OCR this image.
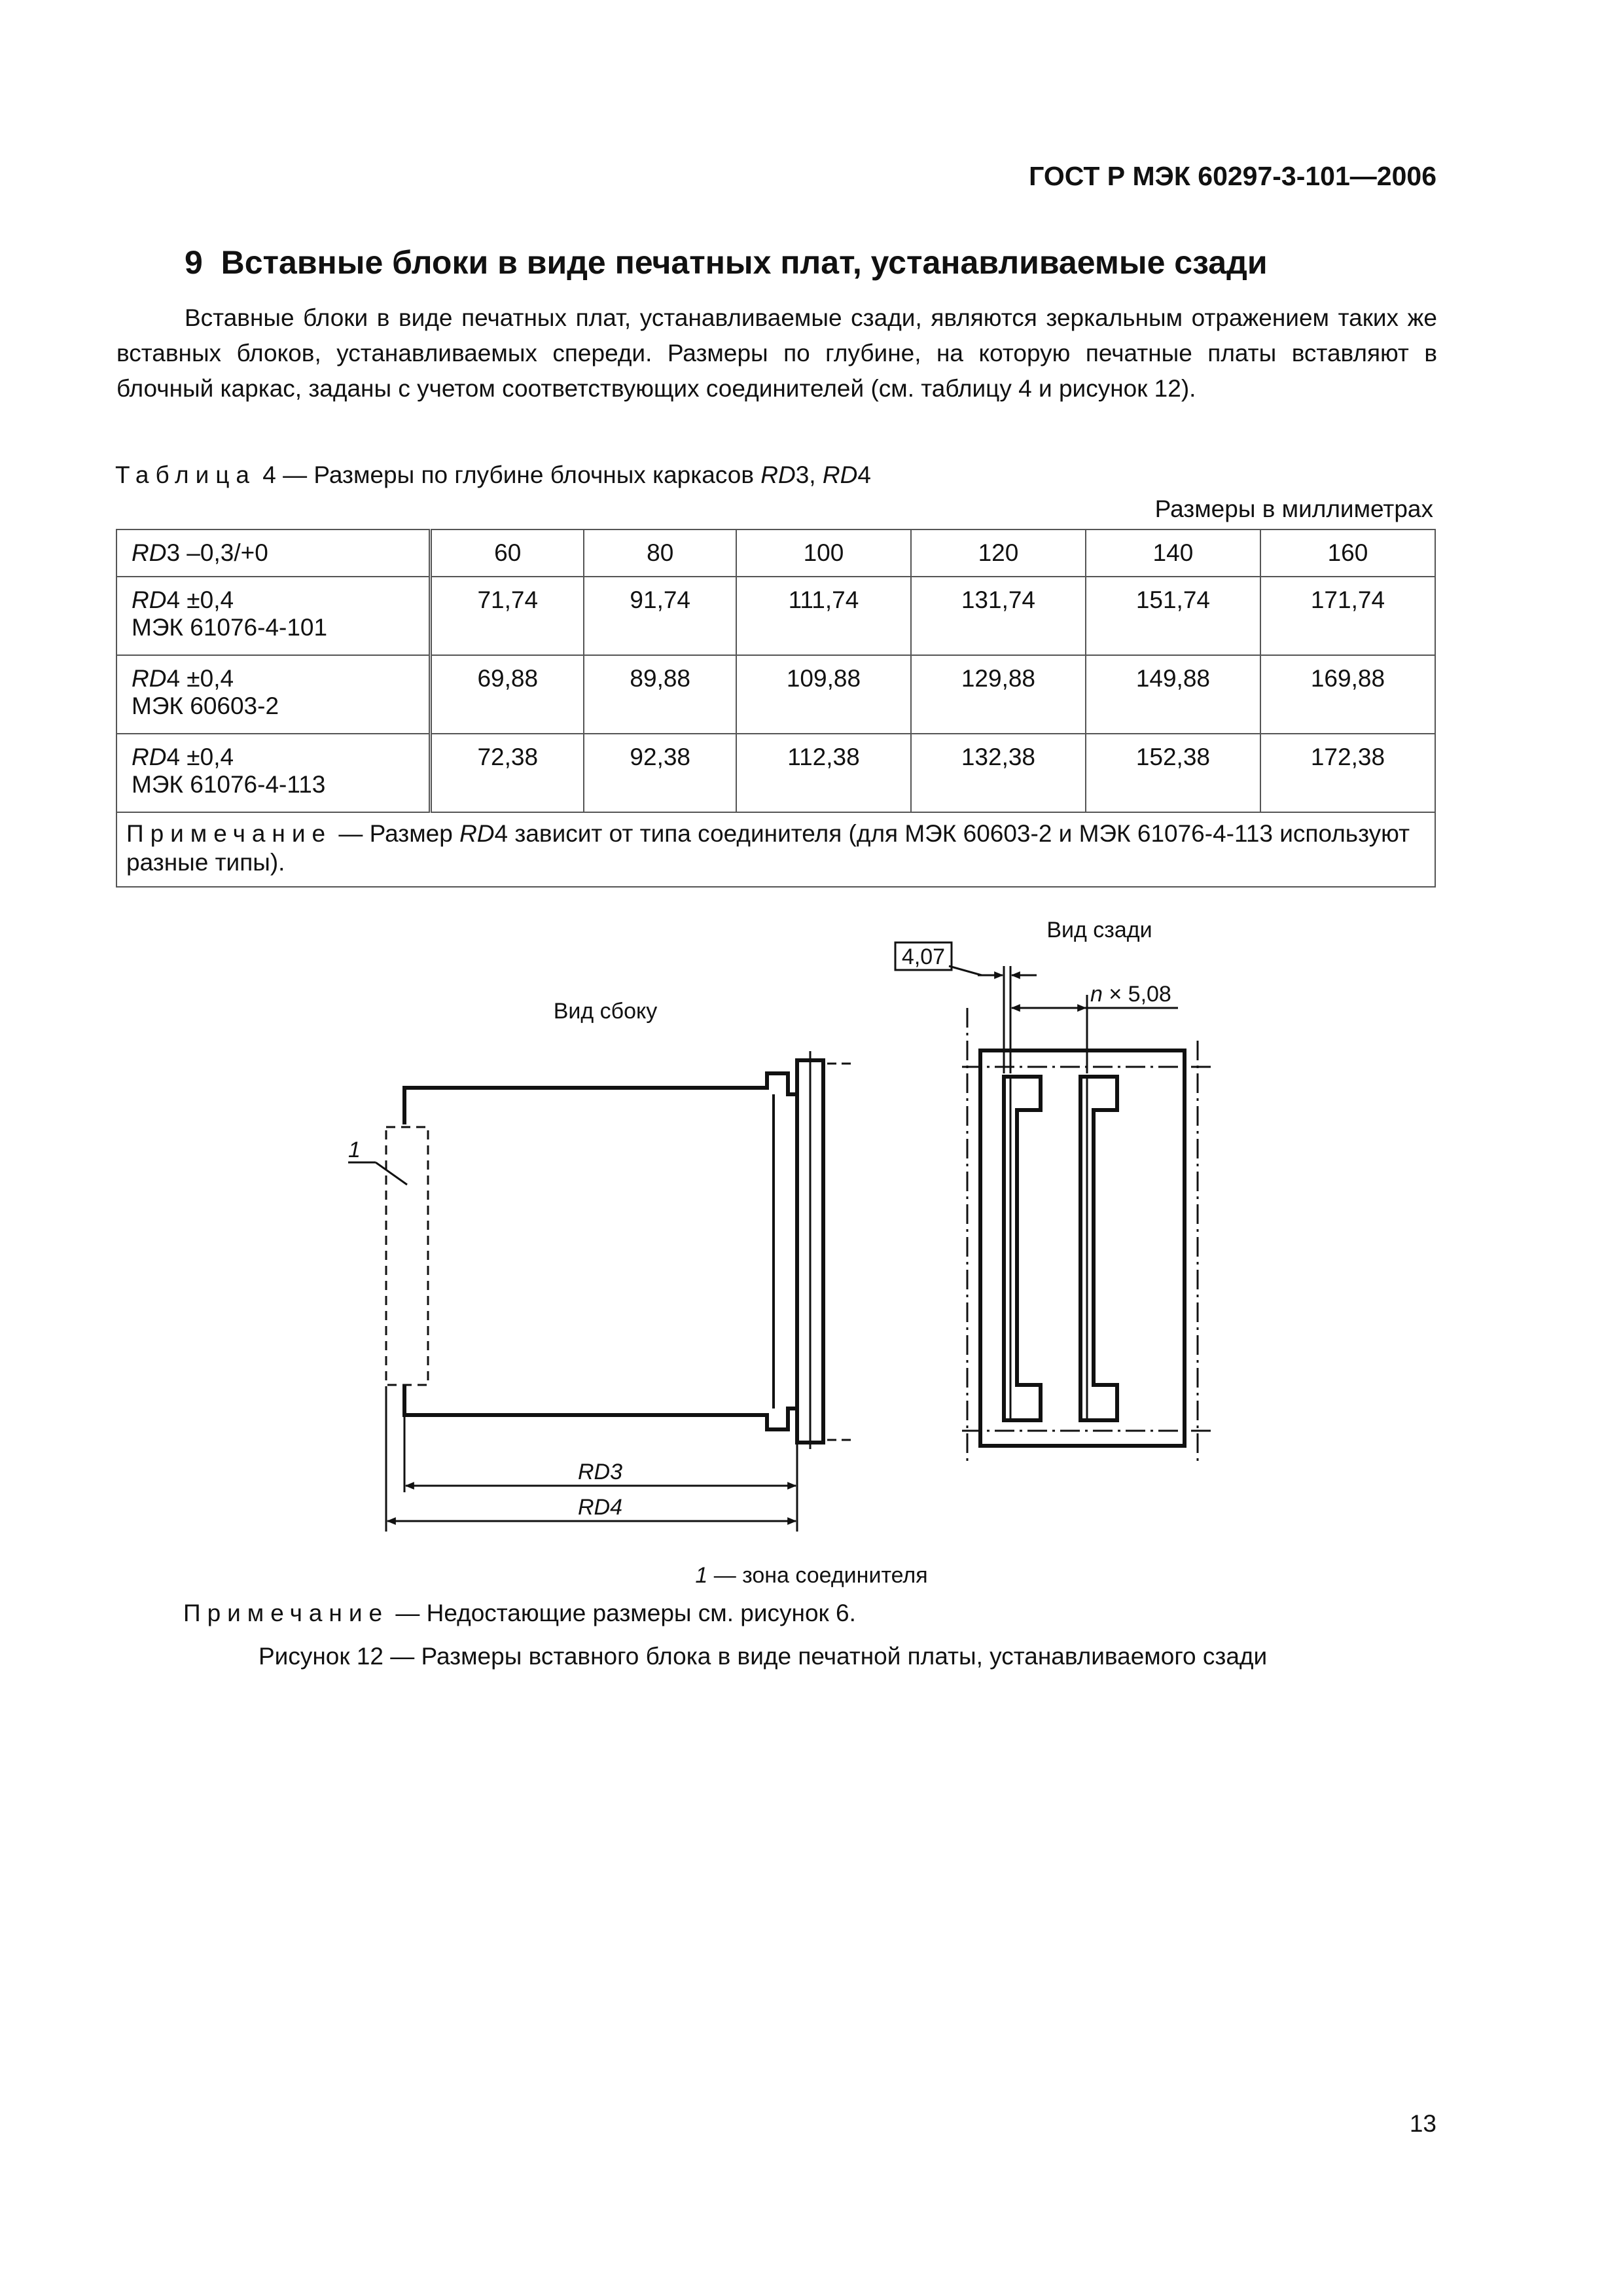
ГОСТ Р МЭК 60297-3-101—2006
9 Вставные блоки в виде печатных плат, устанавливаемые сзади
Вставные блоки в виде печатных плат, устанавливаемые сзади, являются зеркальным отражением таких же вставных блоков, устанавливаемых спереди. Размеры по глубине, на которую печатные платы вставляют в блочный каркас, заданы с учетом соответствующих соединителей (см. таблицу 4 и рисунок 12).
Таблица 4 — Размеры по глубине блочных каркасов RD3, RD4
Размеры в миллиметрах
RD3 –0,3/+0	60	80	100	120	140	160
RD4 ±0,4
МЭК 61076-4-101	71,74	91,74	111,74	131,74	151,74	171,74
RD4 ±0,4
МЭК 60603-2	69,88	89,88	109,88	129,88	149,88	169,88
RD4 ±0,4
МЭК 61076-4-113	72,38	92,38	112,38	132,38	152,38	172,38
Примечание — Размер RD4 зависит от типа соединителя (для МЭК 60603-2 и МЭК 61076-4-113 используют разные типы).						
Вид сбоку
1
RD3
RD4
Вид сзади
4,07
n × 5,08
1 — зона соединителя
Примечание — Недостающие размеры см. рисунок 6.
Рисунок 12 — Размеры вставного блока в виде печатной платы, устанавливаемого сзади
13
